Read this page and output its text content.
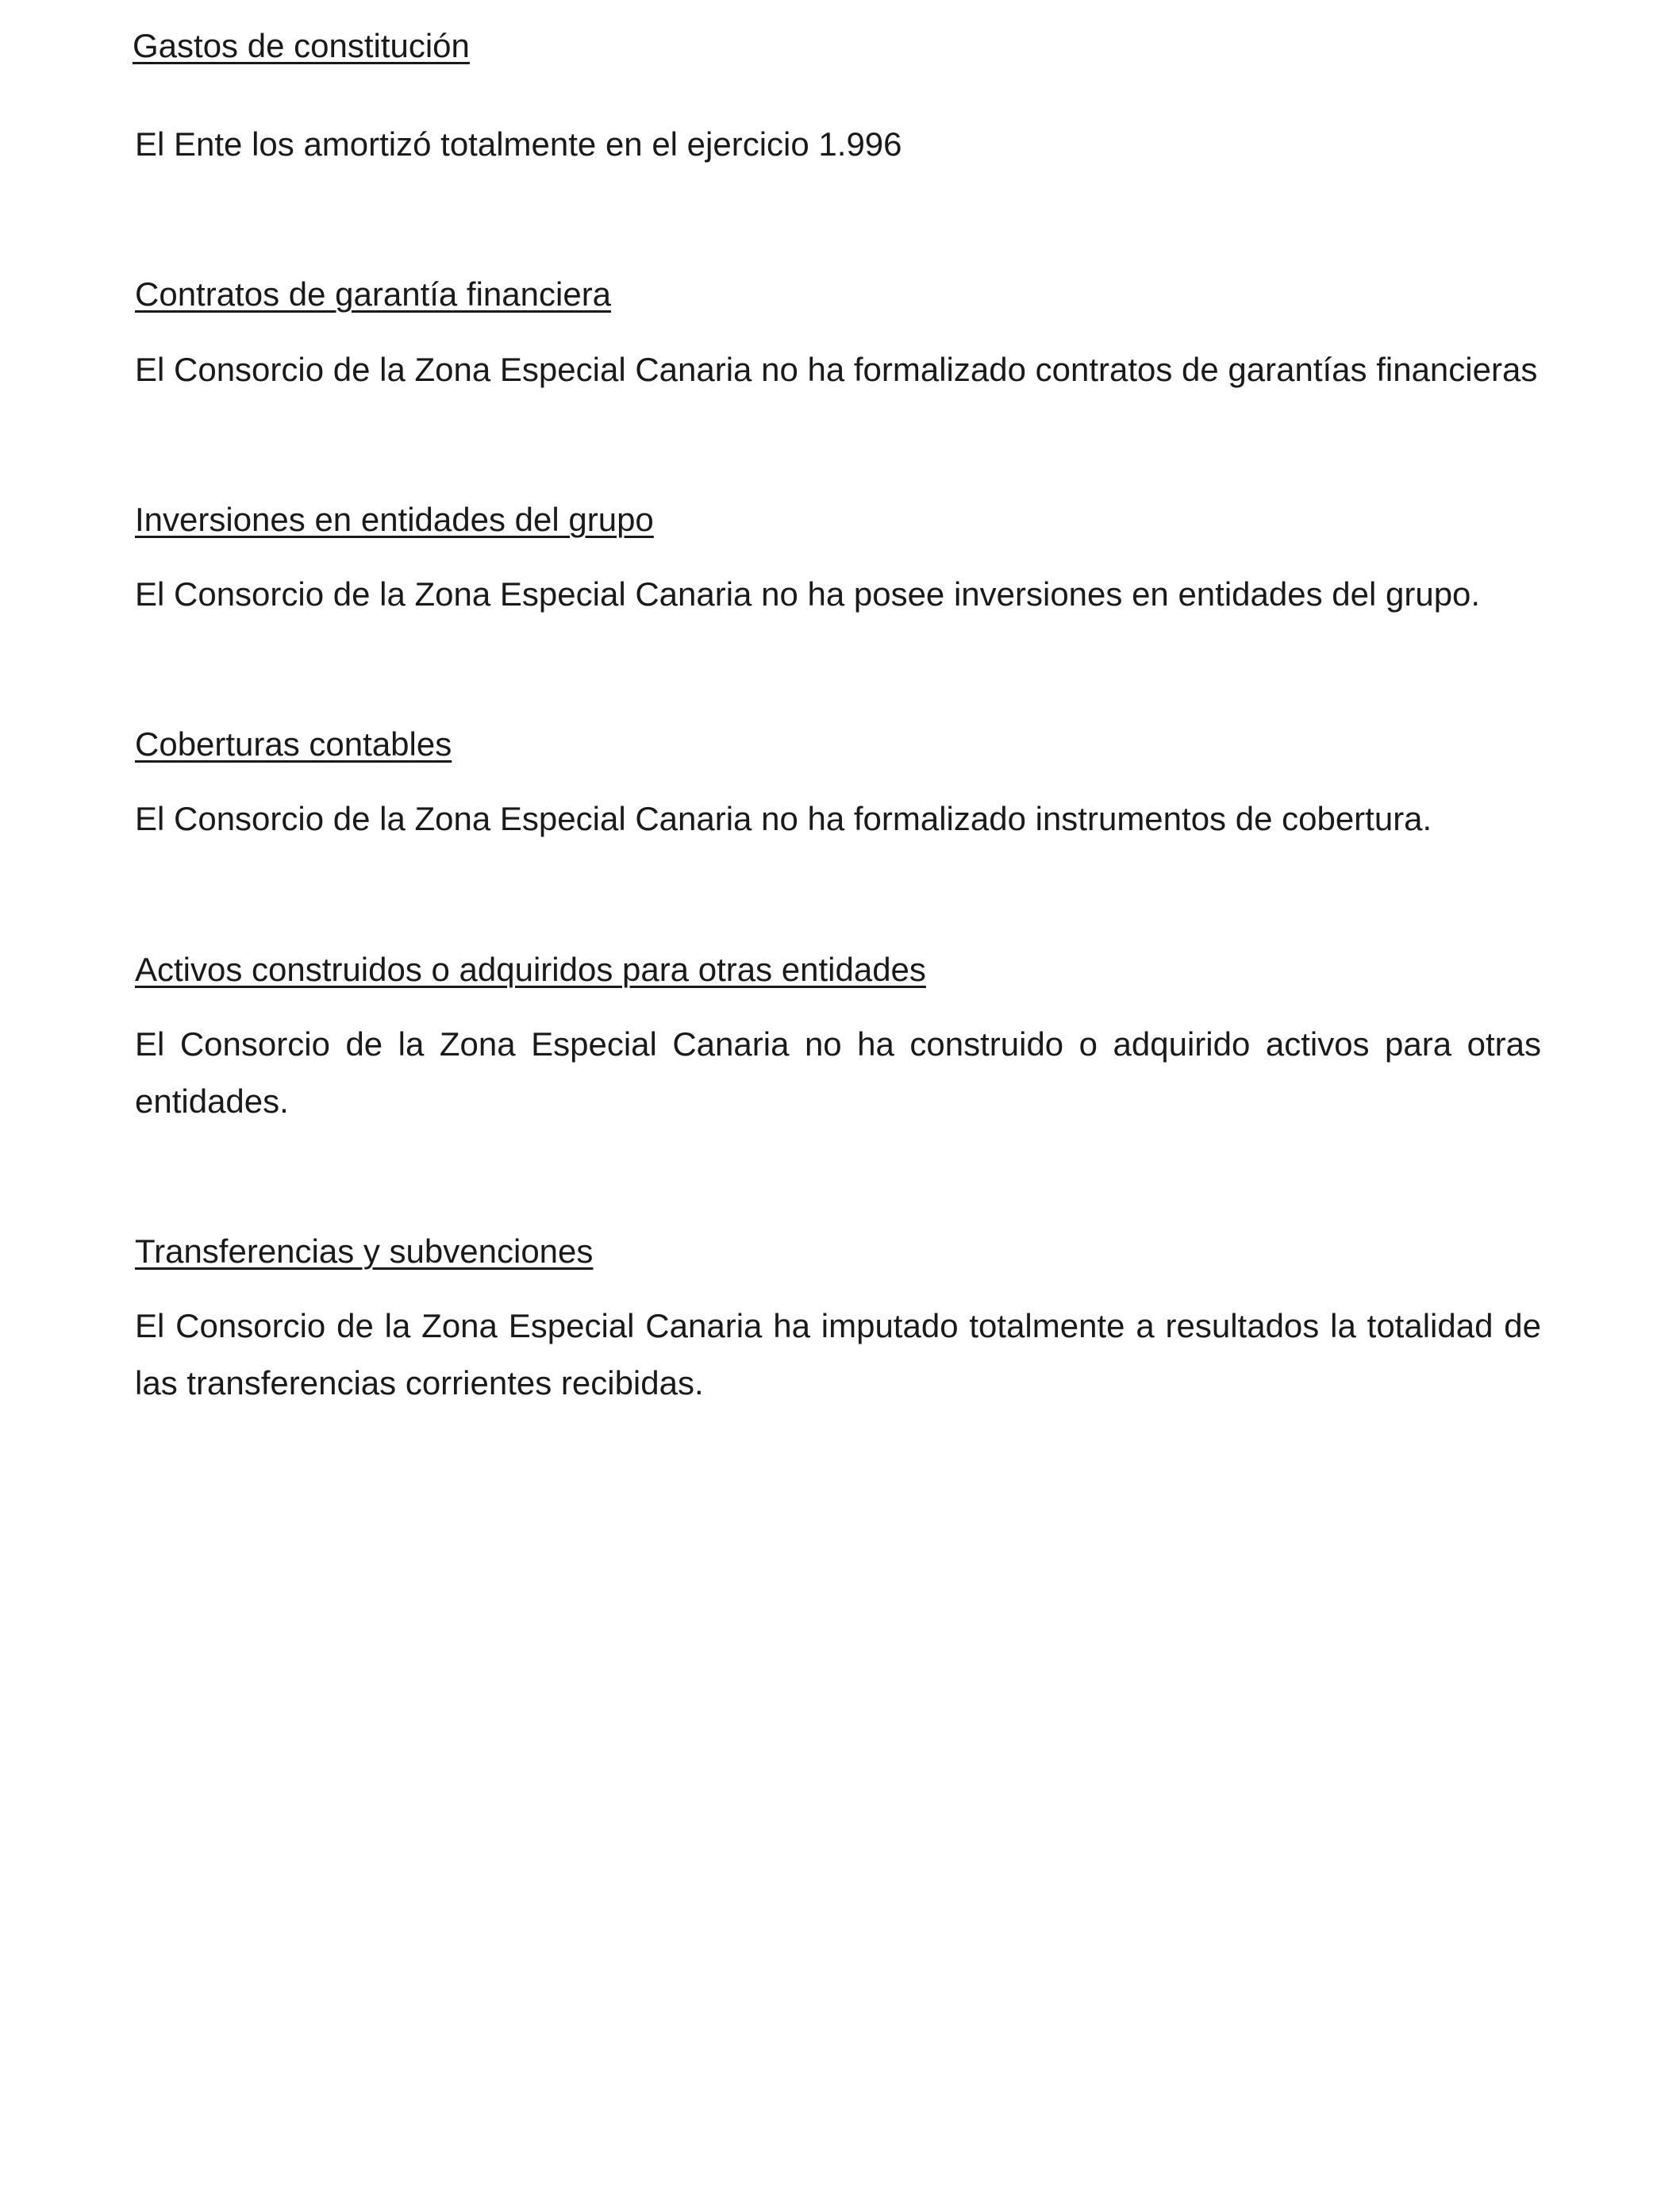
Gastos de constitución

El Ente los amortizó totalmente en el ejercicio 1.996

Contratos de garantía financiera

El Consorcio de la Zona Especial Canaria no ha formalizado contratos de garantías financieras

Inversiones en entidades del grupo

El Consorcio de la Zona Especial Canaria no ha posee inversiones en entidades del grupo.

Coberturas contables

El Consorcio de la Zona Especial Canaria no ha formalizado instrumentos de cobertura.

Activos construidos o adquiridos para otras entidades

El Consorcio de la Zona Especial Canaria no ha construido o adquirido activos para otras entidades.

Transferencias y subvenciones

El Consorcio de la Zona Especial Canaria ha imputado totalmente a resultados la totalidad de las transferencias corrientes recibidas.
